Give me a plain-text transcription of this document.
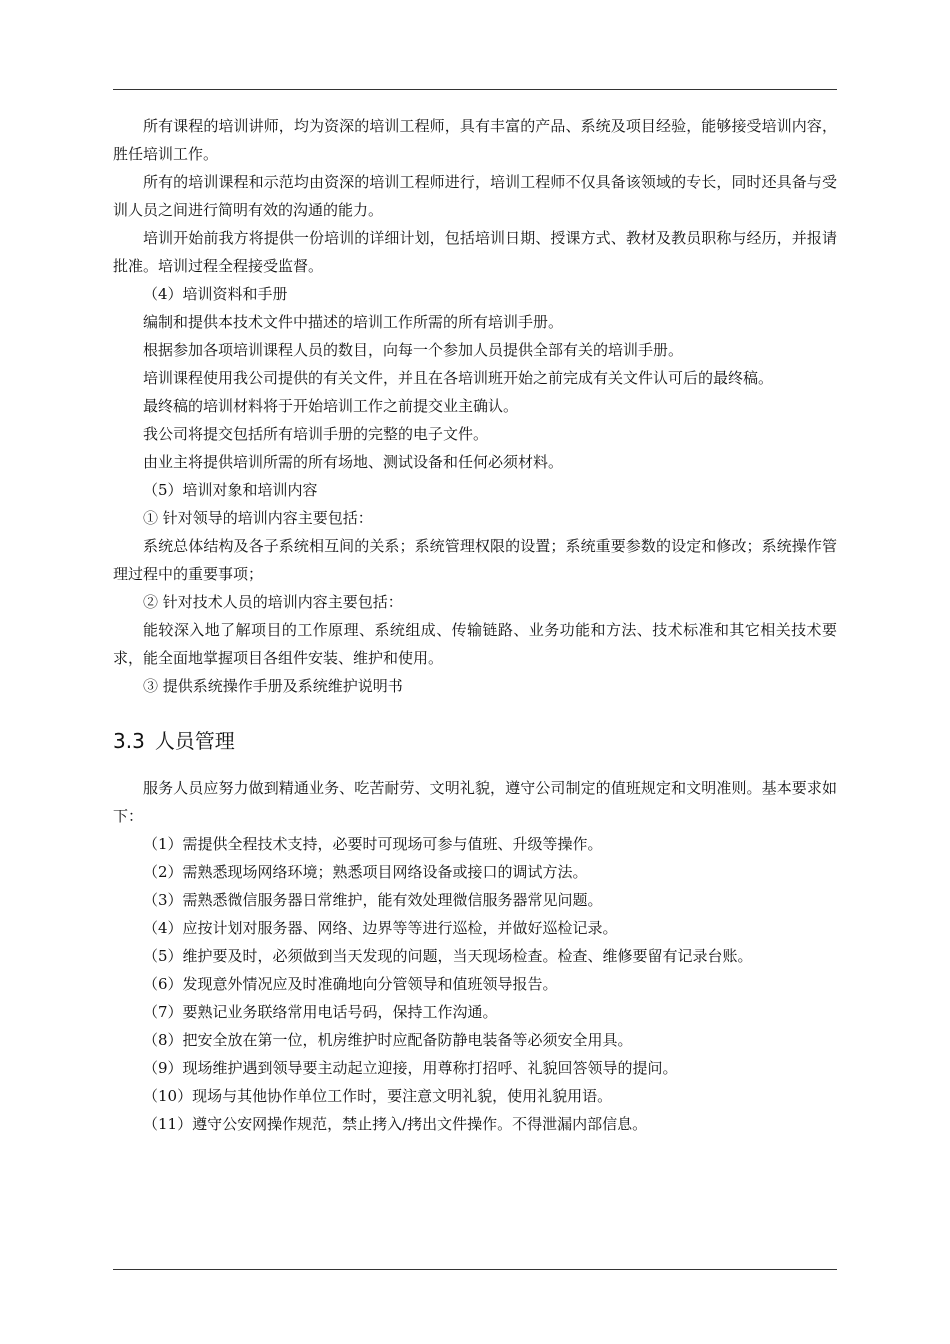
所有课程的培训讲师，均为资深的培训工程师，具有丰富的产品、系统及项目经验，能够接受培训内容，胜任培训工作。

所有的培训课程和示范均由资深的培训工程师进行，培训工程师不仅具备该领域的专长，同时还具备与受训人员之间进行简明有效的沟通的能力。

培训开始前我方将提供一份培训的详细计划，包括培训日期、授课方式、教材及教员职称与经历，并报请批准。培训过程全程接受监督。

（4）培训资料和手册

编制和提供本技术文件中描述的培训工作所需的所有培训手册。

根据参加各项培训课程人员的数目，向每一个参加人员提供全部有关的培训手册。

培训课程使用我公司提供的有关文件，并且在各培训班开始之前完成有关文件认可后的最终稿。

最终稿的培训材料将于开始培训工作之前提交业主确认。

我公司将提交包括所有培训手册的完整的电子文件。

由业主将提供培训所需的所有场地、测试设备和任何必须材料。

（5）培训对象和培训内容

① 针对领导的培训内容主要包括：

系统总体结构及各子系统相互间的关系；系统管理权限的设置；系统重要参数的设定和修改；系统操作管理过程中的重要事项；

② 针对技术人员的培训内容主要包括：

能较深入地了解项目的工作原理、系统组成、传输链路、业务功能和方法、技术标准和其它相关技术要求，能全面地掌握项目各组件安装、维护和使用。

③ 提供系统操作手册及系统维护说明书

3.3 人员管理

服务人员应努力做到精通业务、吃苦耐劳、文明礼貌，遵守公司制定的值班规定和文明准则。基本要求如下：

（1）需提供全程技术支持，必要时可现场可参与值班、升级等操作。

（2）需熟悉现场网络环境；熟悉项目网络设备或接口的调试方法。

（3）需熟悉微信服务器日常维护，能有效处理微信服务器常见问题。

（4）应按计划对服务器、网络、边界等等进行巡检，并做好巡检记录。

（5）维护要及时，必须做到当天发现的问题，当天现场检查。检查、维修要留有记录台账。

（6）发现意外情况应及时准确地向分管领导和值班领导报告。

（7）要熟记业务联络常用电话号码，保持工作沟通。

（8）把安全放在第一位，机房维护时应配备防静电装备等必须安全用具。

（9）现场维护遇到领导要主动起立迎接，用尊称打招呼、礼貌回答领导的提问。

（10）现场与其他协作单位工作时，要注意文明礼貌，使用礼貌用语。

（11）遵守公安网操作规范，禁止拷入/拷出文件操作。不得泄漏内部信息。
